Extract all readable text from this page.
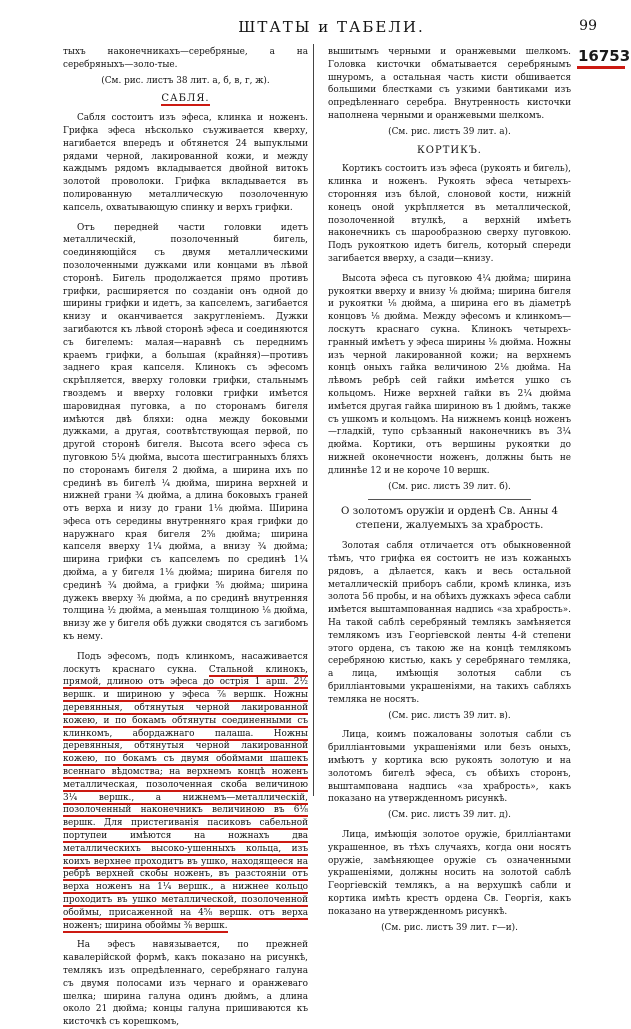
ШТАТЫ и ТАБЕЛИ.	99
16753

тыхъ наконечникахъ—серебряные, а на серебряныхъ—золо-тые.

(См. рис. листъ 38 лит. а, б, в, г, ж).

САБЛЯ.

Сабля состоитъ изъ эфеса, клинка и ноженъ. Грифка эфеса нѣсколько съуживается кверху, нагибается впередъ и обтянется 24 выпуклыми рядами черной, лакированной кожи, и между каждымъ рядомъ вкладывается двойной витокъ золотой проволоки. Грифка вкладывается въ полированную металлическую позолоченную капсель, охватывающую спинку и верхъ грифки.

Отъ передней части головки идетъ металлическій, позолоченный бигель, соединяющійся съ двумя металлическими позолоченными дужками или концами въ лѣвой сторонѣ. Бигель продолжается прямо противъ грифки, расширяется по созданіи онъ одной до ширины грифки и идетъ, за капселемъ, загибается книзу и оканчивается закругленіемъ. Дужки загибаются къ лѣвой сторонѣ эфеса и соединяются съ бигелемъ: малая—наравнѣ съ переднимъ краемъ грифки, а большая (крайняя)—противъ заднего края капселя. Клинокъ съ эфесомъ скрѣпляется, вверху головки грифки, стальнымъ гвоздемъ и вверху головки грифки имѣется шаровидная пуговка, а по сторонамъ бигеля имѣются двѣ бляхи: одна между боковыми дужками, а другая, соотвѣтствующая первой, по другой сторонѣ бигеля. Высота всего эфеса съ пуговкою 5¼ дюйма, высота шестигранныхъ бляхъ по сторонамъ бигеля 2 дюйма, а ширина ихъ по срединѣ въ бигелѣ ¼ дюйма, ширина верхней и нижней грани ¾ дюйма, а длина боковыхъ граней отъ верха и низу до грани 1⅛ дюйма. Ширина эфеса отъ середины внутренняго края грифки до наружнаго края бигеля 2⅝ дюйма; ширина капселя вверху 1¼ дюйма, а внизу ¾ дюйма; ширина грифки съ капселемъ по срединѣ 1¼ дюйма, а у бигеля 1⅛ дюйма; ширина бигеля по срединѣ ¾ дюйма, а грифки ⅝ дюйма; ширина дужекъ вверху ⅜ дюйма, а по срединѣ внутренняя толщина ½ дюйма, а меньшая толщиною ⅛ дюйма, внизу же у бигеля обѣ дужки сводятся съ загибомъ къ нему.

Подъ эфесомъ, подъ клинкомъ, насаживается лоскутъ краснаго сукна. Стальной клинокъ, прямой, длиною отъ эфеса до острія 1 арш. 2½ вершк. и шириною у эфеса ⅞ вершк. Ножны деревянныя, обтянутыя черной лакированной кожею, и по бокамъ обтянуты соединенными съ клинкомъ, абордажнаго палаша. Ножны деревянныя, обтянутыя черной лакированной кожею, по бокамъ съ двумя обоймами шашекъ всеннаго вѣдомства; на верхнемъ концѣ ноженъ металлическая, позолоченная скоба величиною 3¼ вершк., а нижнемъ—металлическій, позолоченный наконечникъ величиною въ 6⅛ вершк. Для пристегиванія пасиковъ сабельной портупеи имѣются на ножнахъ два металлическихъ высоко-ушенныхъ кольца, изъ коихъ верхнее проходитъ въ ушко, находящееся на ребрѣ верхней скобы ноженъ, въ разстояніи отъ верха ноженъ на 1¼ вершк., а нижнее кольцо проходитъ въ ушко металлической, позолоченной обоймы, присаженной на 4⅝ вершк. отъ верха ноженъ; ширина обоймы ⅜ вершк.

На эфесъ навязывается, по прежней кавалерійской формѣ, какъ показано на рисункѣ, темлякъ изъ опредѣленнаго, серебрянаго галуна съ двумя полосами изъ чернаго и оранжеваго шелка; ширина галуна одинъ дюймъ, а длина около 21 дюйма; концы галуна пришиваются къ кисточкѣ съ корешкомъ,

вышитымъ черными и оранжевыми шелкомъ. Головка кисточки обматывается серебрянымъ шнуромъ, а остальная часть кисти обшивается большими блестками съ узкими бантиками изъ опредѣленнаго серебра. Внутренность кисточки наполнена черными и оранжевыми шелкомъ.

(См. рис. листъ 39 лит. а).

КОРТИКЪ.

Кортикъ состоитъ изъ эфеса (рукоять и бигель), клинка и ноженъ. Рукоять эфеса четырехъ-сторонняя изъ бѣлой, слоновой кости, нижній конецъ оной укрѣпляется въ металлической, позолоченной втулкѣ, а верхній имѣетъ наконечникъ съ шарообразною сверху пуговкою. Подъ рукояткою идетъ бигель, который спереди загибается вверху, а сзади—книзу.

Высота эфеса съ пуговкою 4¼ дюйма; ширина рукоятки вверху и внизу ⅛ дюйма; ширина бигеля и рукоятки ⅛ дюйма, а ширина его въ діаметрѣ концовъ ⅛ дюйма. Между эфесомъ и клинкомъ—лоскутъ краснаго сукна. Клинокъ четырехъ-гранный имѣетъ у эфеса ширины ⅛ дюйма. Ножны изъ черной лакированной кожи; на верхнемъ концѣ оныхъ гайка величиною 2⅛ дюйма. На лѣвомъ ребрѣ сей гайки имѣется ушко съ кольцомъ. Ниже верхней гайки въ 2¼ дюйма имѣется другая гайка шириною въ 1 дюймъ, также съ ушкомъ и кольцомъ. На нижнемъ концѣ ноженъ—гладкій, тупо срѣзанный наконечникъ въ 3¼ дюйма. Кортики, отъ вершины рукоятки до нижней оконечности ноженъ, должны быть не длиннѣе 12 и не короче 10 вершк.

(См. рис. листъ 39 лит. б).

О золотомъ оружіи и орденѣ Св. Анны 4 степени, жалуемыхъ за храбрость.

Золотая сабля отличается отъ обыкновенной тѣмъ, что грифка ея состоитъ не изъ кожаныхъ рядовъ, а дѣлается, какъ и весь остальной металлическій приборъ сабли, кромѣ клинка, изъ золота 56 пробы, и на обѣихъ дужкахъ эфеса сабли имѣется выштампованная надпись «за храбрость». На такой саблѣ серебряный темлякъ замѣняется темлякомъ изъ Георгіевской ленты 4-й степени этого ордена, съ такою же на концѣ темлякомъ серебряною кистью, какъ у серебрянаго темляка, а лица, имѣющія золотыя сабли съ брилліантовыми украшеніями, на такихъ сабляхъ темляка не носятъ.

(См. рис. листъ 39 лит. в).

Лица, коимъ пожалованы золотыя сабли съ брилліантовыми украшеніями или безъ оныхъ, имѣютъ у кортика всю рукоять золотую и на золотомъ бигелѣ эфеса, съ обѣихъ сторонъ, выштампована надпись «за храбрость», какъ показано на утвержденномъ рисункѣ.

(См. рис. листъ 39 лит. д).

Лица, имѣющія золотое оружіе, брилліантами украшенное, въ тѣхъ случаяхъ, когда они носятъ оружіе, замѣняющее оружіе съ означенными украшеніями, должны носить на золотой саблѣ Георгіевскій темлякъ, а на верхушкѣ сабли и кортика имѣть крестъ ордена Св. Георгія, какъ показано на утвержденномъ рисункѣ.

(См. рис. листъ 39 лит. г—и).
